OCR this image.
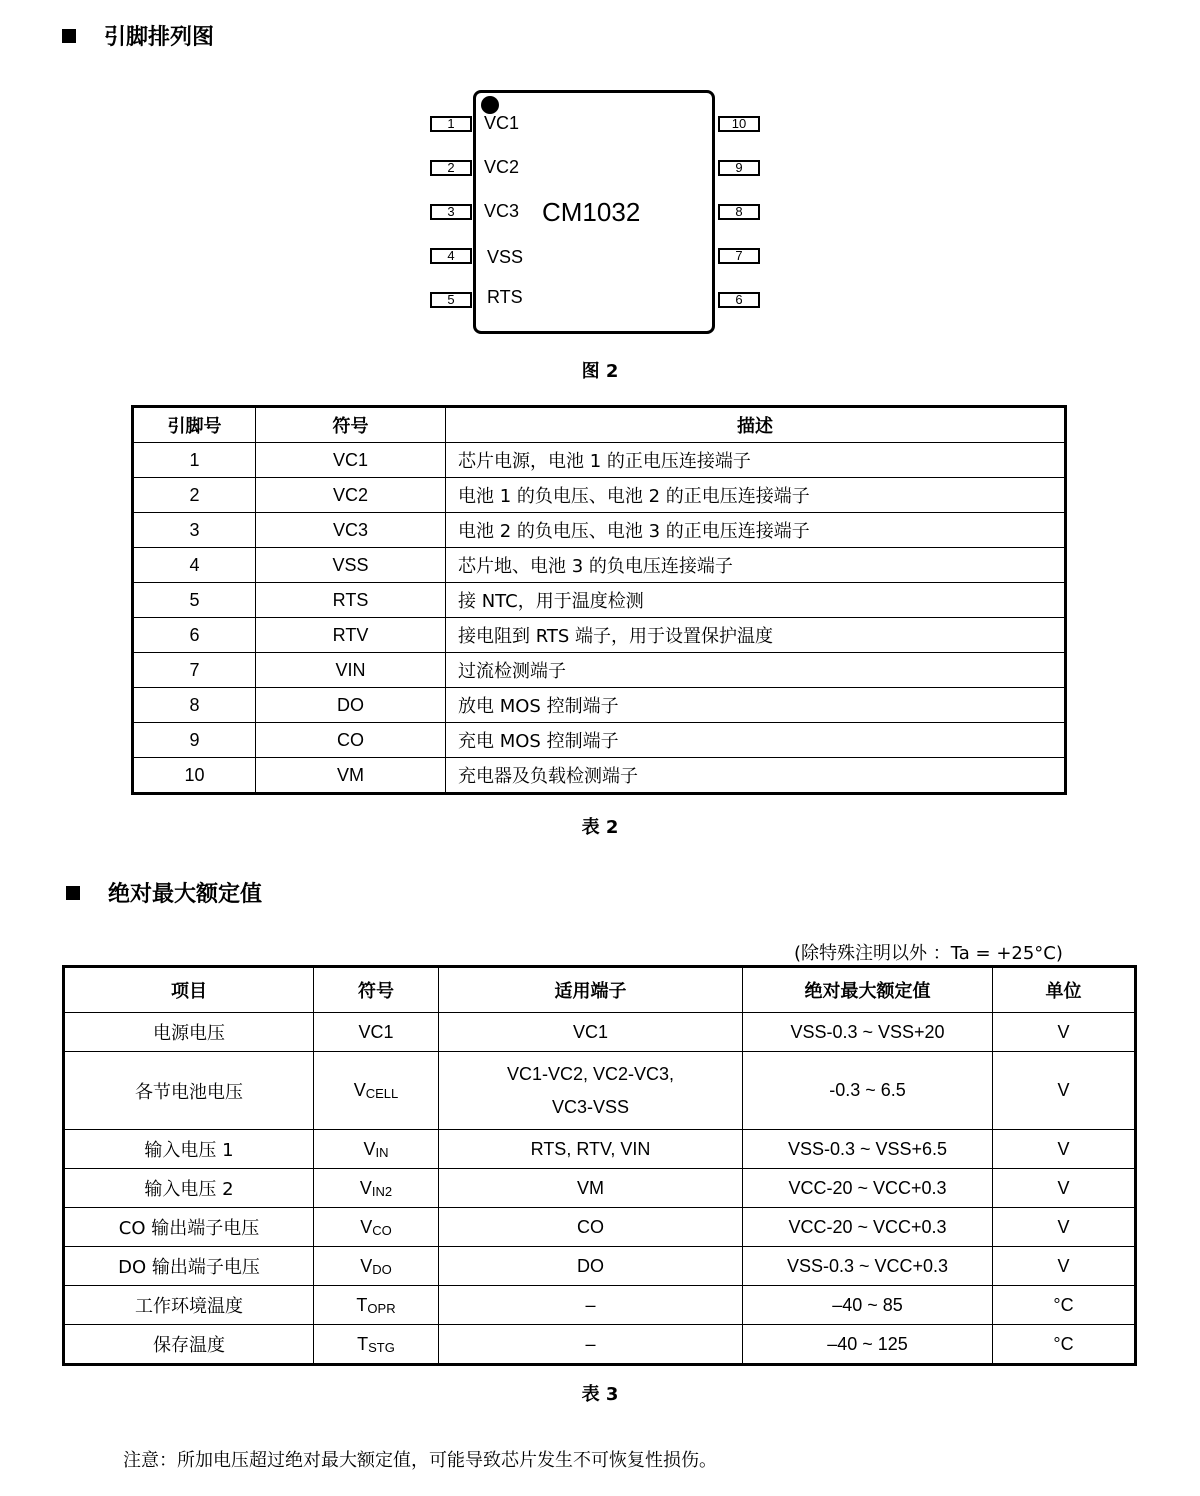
引脚排列图
CM1032
1	VC1
2	VC2
3	VC3
4	VSS
5	RTS
10
9
8
7
6
图 2
引脚号	符号	描述
1	VC1	芯片电源，电池 1 的正电压连接端子
2	VC2	电池 1 的负电压、电池 2 的正电压连接端子
3	VC3	电池 2 的负电压、电池 3 的正电压连接端子
4	VSS	芯片地、电池 3 的负电压连接端子
5	RTS	接 NTC，用于温度检测
6	RTV	接电阻到 RTS 端子，用于设置保护温度
7	VIN	过流检测端子
8	DO	放电 MOS 控制端子
9	CO	充电 MOS 控制端子
10	VM	充电器及负载检测端子
表 2
绝对最大额定值
(除特殊注明以外 ：Ta = +25°C)
项目	符号	适用端子	绝对最大额定值	单位
电源电压	VC1	VC1	VSS-0.3 ~ VSS+20	V
各节电池电压	$V_{CELL}$	VC1-VC2, VC2-VC3,
VC3-VSS	-0.3 ~ 6.5	V
输入电压 1	$V_{IN}$	RTS, RTV, VIN	VSS-0.3 ~ VSS+6.5	V
输入电压 2	$V_{IN2}$	VM	VCC-20 ~ VCC+0.3	V
CO 输出端子电压	$V_{CO}$	CO	VCC-20 ~ VCC+0.3	V
DO 输出端子电压	$V_{DO}$	DO	VSS-0.3 ~ VCC+0.3	V
工作环境温度	$T_{OPR}$	–	–40 ~ 85	°C
保存温度	$T_{STG}$	–	–40 ~ 125	°C
表 3
注意：所加电压超过绝对最大额定值，可能导致芯片发生不可恢复性损伤。
